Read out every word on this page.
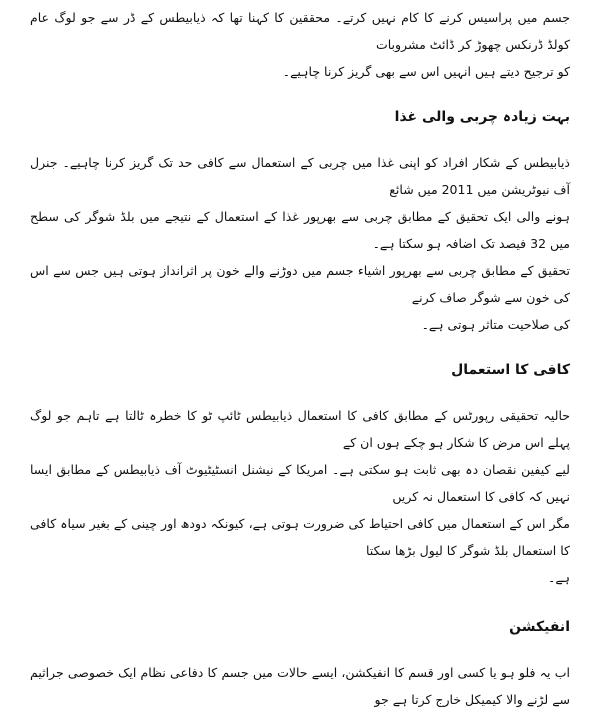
جسم میں پراسیس کرنے کا کام نہیں کرتے۔ محققین کا کہنا تھا کہ ذیابیطس کے ڈر سے جو لوگ عام کولڈ ڈرنکس چھوڑ کر ڈائٹ مشروبات

کو ترجیح دیتے ہیں انہیں اس سے بھی گریز کرنا چاہیے۔

بہت زیادہ چربی والی غذا

ذیابیطس کے شکار افراد کو اپنی غذا میں چربی کے استعمال سے کافی حد تک گریز کرنا چاہیے۔ جنرل آف نیوٹریشن میں 2011 میں شائع

ہونے والی ایک تحقیق کے مطابق چربی سے بھرپور غذا کے استعمال کے نتیجے میں بلڈ شوگر کی سطح میں 32 فیصد تک اضافہ ہو سکتا ہے۔

تحقیق کے مطابق چربی سے بھرپور اشیاء جسم میں دوڑنے والے خون پر اثرانداز ہوتی ہیں جس سے اس کی خون سے شوگر صاف کرنے

کی صلاحیت متاثر ہوتی ہے۔

کافی کا استعمال

حالیہ تحقیقی رپورٹس کے مطابق کافی کا استعمال ذیابیطس ٹائپ ٹو کا خطرہ ٹالتا ہے تاہم جو لوگ پہلے اس مرض کا شکار ہو چکے ہوں ان کے

لیے کیفین نقصان دہ بھی ثابت ہو سکتی ہے۔ امریکا کے نیشنل انسٹیٹیوٹ آف ذیابیطس کے مطابق ایسا نہیں کہ کافی کا استعمال نہ کریں

مگر اس کے استعمال میں کافی احتیاط کی ضرورت ہوتی ہے، کیونکہ دودھ اور چینی کے بغیر سیاہ کافی کا استعمال بلڈ شوگر کا لیول بڑھا سکتا

ہے۔

انفیکشن

اب یہ فلو ہو یا کسی اور قسم کا انفیکشن، ایسے حالات میں جسم کا دفاعی نظام ایک خصوصی جراثیم سے لڑنے والا کیمیکل خارج کرتا ہے جو
